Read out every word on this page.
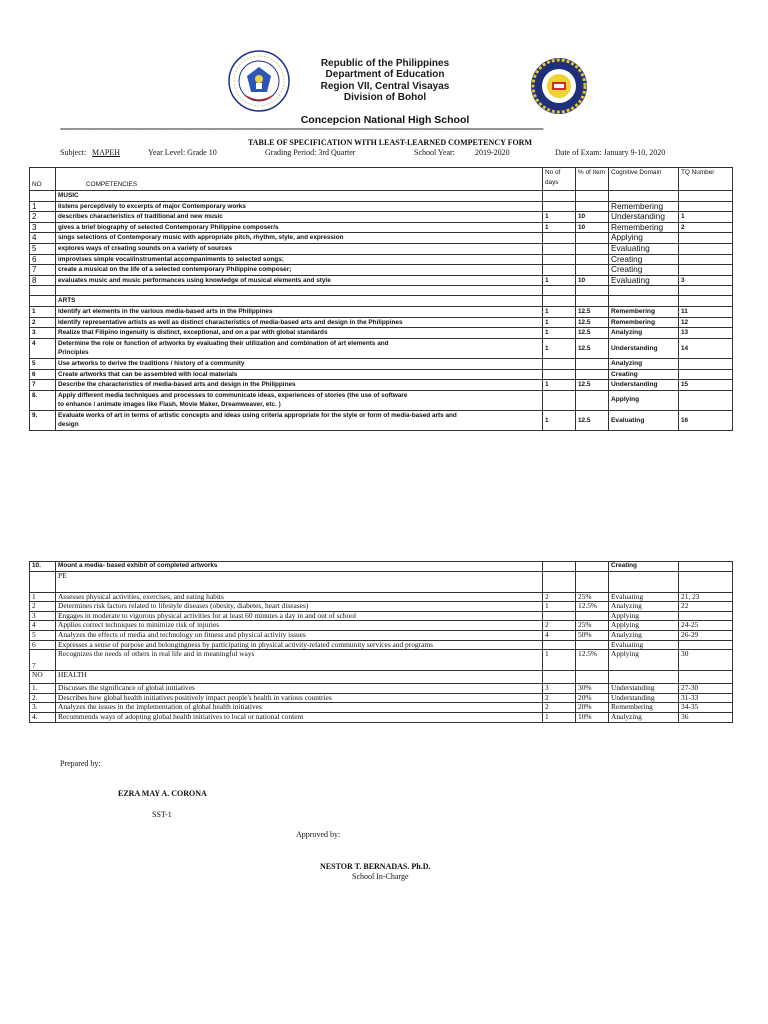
Republic of the Philippines
Department of Education
Region VII, Central Visayas
Division of Bohol
Concepcion National High School
=================================================================================================================================================================
TABLE OF SPECIFICATION WITH LEAST-LEARNED COMPETENCY FORM
Subject: MAPEH	Year Level: Grade 10	Grading Period: 3rd Quarter	School Year:	2019-2020	Date of Exam: January 9-10, 2020
NO	COMPETENCIES	No of days	% of Item	Cognitive Domain	TQ Number
	MUSIC				
1	listens perceptively to excerpts of major Contemporary works			Remembering	
2	describes characteristics of traditional and new music	1	10	Understanding	1
3	gives a brief biography of selected Contemporary Philippine composer/s	1	10	Remembering	2
4	sings selections of Contemporary music with appropriate pitch, rhythm, style, and expression			Applying	
5	explores ways of creating sounds on a variety of sources			Evaluating	
6	improvises simple vocal/instrumental accompaniments to selected songs;			Creating	
7	create a musical on the life of a selected contemporary Philippine composer;			Creating	
8	evaluates music and music performances using knowledge of musical elements and style	1	10	Evaluating	3

	ARTS				
1	Identify art elements in the various media-based arts in the Philippines	1	12.5	Remembering	11
2	Identify representative artists as well as distinct characteristics of media-based arts and design in the Philippines	1	12.5	Remembering	12
3	Realize that Filipino ingenuity is distinct, exceptional, and on a par with global standards	1	12.5	Analyzing	13
4	Determine the role or function of artworks by evaluating their utilization and combination of art elements and
Principles	1	12.5	Understanding	14
5	Use artworks to derive the traditions / history of a community			Analyzing	
6	Create artworks that can be assembled with local materials			Creating	
7	Describe the characteristics of media-based arts and design in the Philippines	1	12.5	Understanding	15
8.	Apply different media techniques and processes to communicate ideas, experiences of stories (the use of software
to enhance / animate images like Flash, Movie Maker, Dreamweaver, etc. )			Applying	
9.	Evaluate works of art in terms of artistic concepts and ideas using criteria appropriate for the style or form of media-based arts and
design	1	12.5	Evaluating	16
10.	Mount a media- based exhibit of completed artworks			Creating	
	PE				
1	Assesses physical activities, exercises, and eating habits	2	25%	Evaluating	21, 23
2	Determines risk factors related to lifestyle diseases (obesity, diabetes, heart diseases)	1	12.5%	Analyzing	22
3	Engages in moderate to vigorous physical activities for at least 60 minutes a day in and out of school			Applying	
4	Applies correct techniques to minimize risk of injuries	2	25%	Applying	24-25
5	Analyzes the effects of media and technology on fitness and physical activity issues	4	50%	Analyzing	26-29
6	Expresses a sense of purpose and belongingness by participating in physical activity-related community services and programs			Evaluating	
7	Recognizes the needs of others in real life and in meaningful ways	1	12.5%	Applying	30
NO	HEALTH				
1.	Discusses the significance of global initiatives	3	30%	Understanding	27-30
2.	Describes how global health initiatives positively impact people's health in various countries	2	20%	Understanding	31-33
3.	Analyzes the issues in the implementation of global health initiatives	2	20%	Remembering	34-35
4.	Recommends ways of adopting global health initiatives to local or national content	1	10%	Analyzing	36
Prepared by:
EZRA MAY A. CORONA
SST-1
Approved by:
NESTOR T. BERNADAS. Ph.D.
School In-Charge
